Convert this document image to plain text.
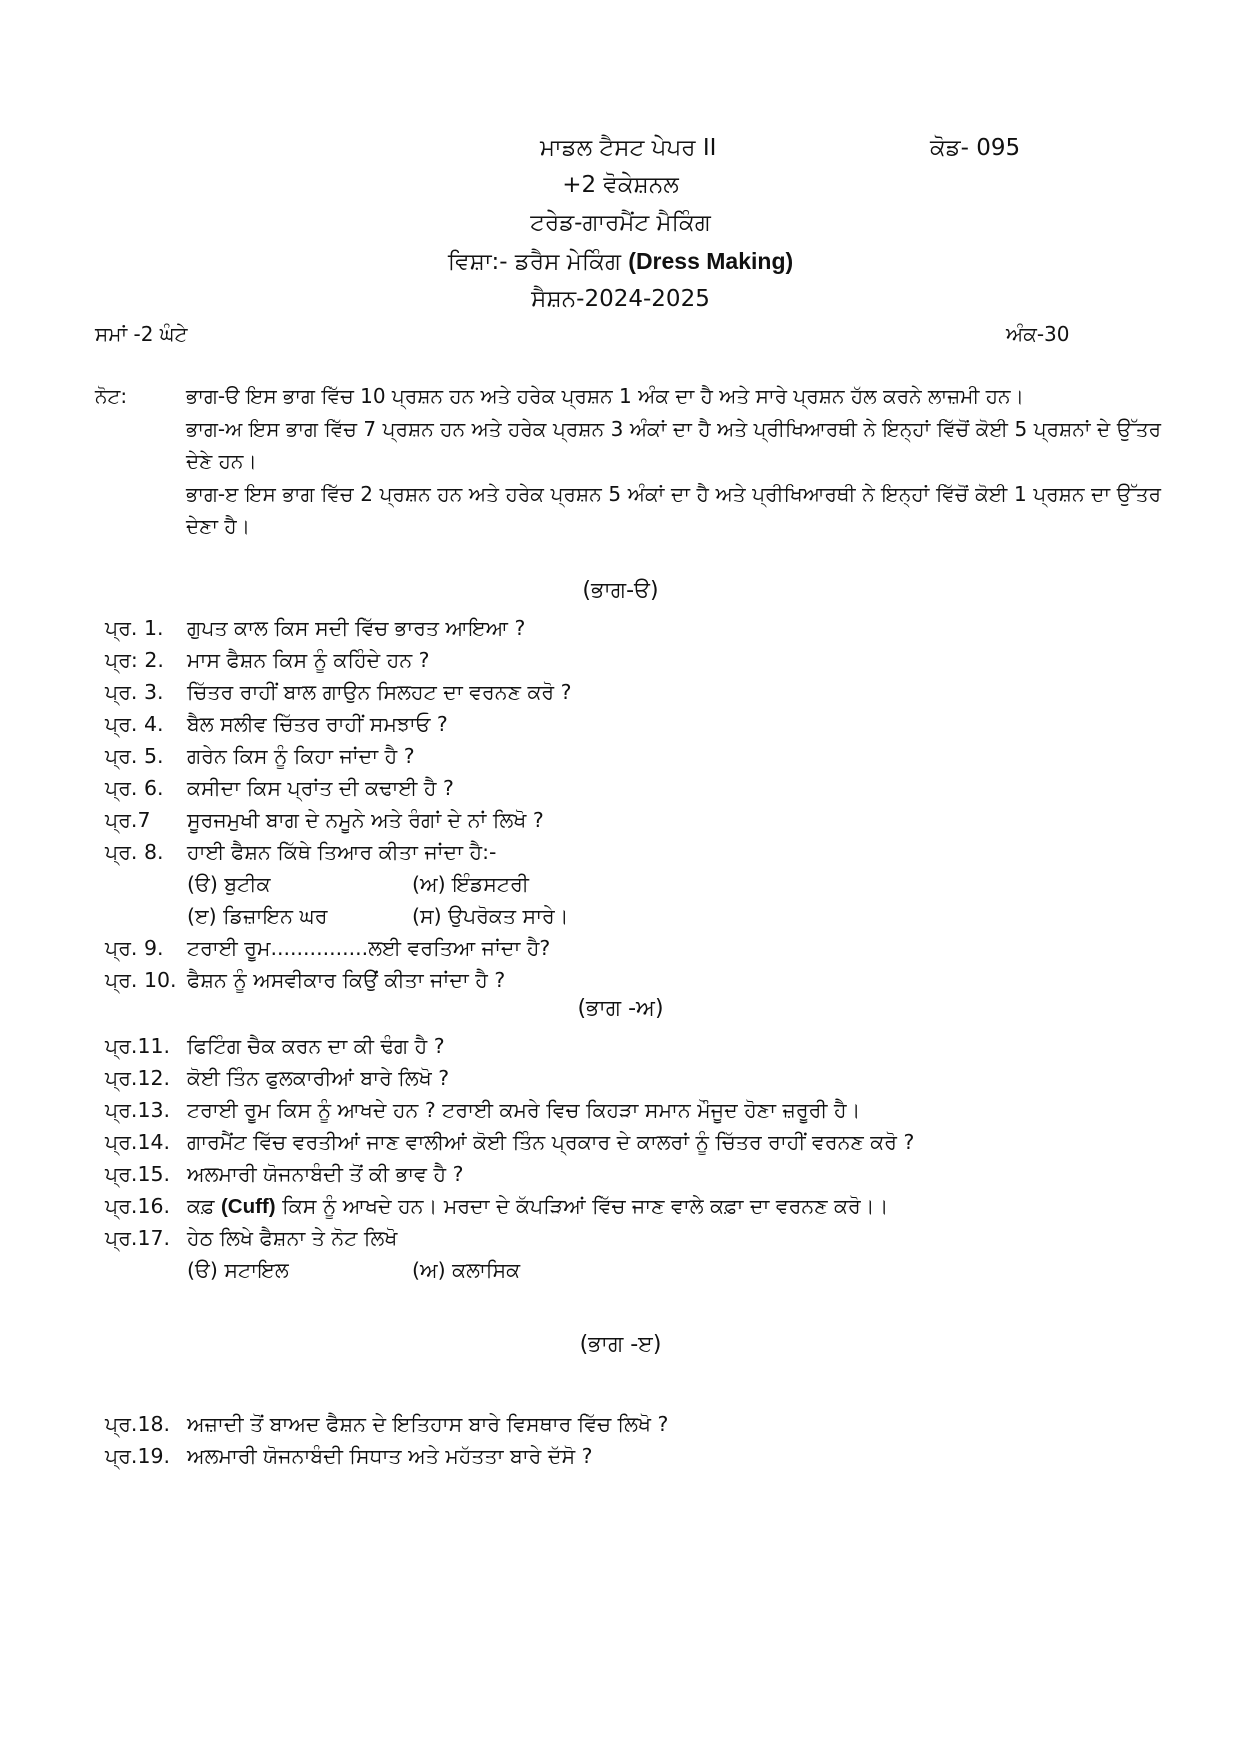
ਮਾਡਲ ਟੈਸਟ ਪੇਪਰ II	ਕੋਡ- 095
+2 ਵੋਕੇਸ਼ਨਲ
ਟਰੇਡ-ਗਾਰਮੈਂਟ ਮੈਕਿੰਗ
ਵਿਸ਼ਾ:- ਡਰੈਸ ਮੇਕਿੰਗ (Dress Making)
ਸੈਸ਼ਨ-2024-2025
ਸਮਾਂ -2 ਘੰਟੇ	ਅੰਕ-30
ਨੋਟ:	ਭਾਗ-ੳ ਇਸ ਭਾਗ ਵਿੱਚ 10 ਪ੍ਰਸ਼ਨ ਹਨ ਅਤੇ ਹਰੇਕ ਪ੍ਰਸ਼ਨ 1 ਅੰਕ ਦਾ ਹੈ ਅਤੇ ਸਾਰੇ ਪ੍ਰਸ਼ਨ ਹੱਲ ਕਰਨੇ ਲਾਜ਼ਮੀ ਹਨ।

ਭਾਗ-ਅ ਇਸ ਭਾਗ ਵਿੱਚ 7 ਪ੍ਰਸ਼ਨ ਹਨ ਅਤੇ ਹਰੇਕ ਪ੍ਰਸ਼ਨ 3 ਅੰਕਾਂ ਦਾ ਹੈ ਅਤੇ ਪ੍ਰੀਖਿਆਰਥੀ ਨੇ ਇਨ੍ਹਾਂ ਵਿੱਚੋਂ ਕੋਈ 5 ਪ੍ਰਸ਼ਨਾਂ ਦੇ ਉੱਤਰ ਦੇਣੇ ਹਨ।

ਭਾਗ-ੲ ਇਸ ਭਾਗ ਵਿੱਚ 2 ਪ੍ਰਸ਼ਨ ਹਨ ਅਤੇ ਹਰੇਕ ਪ੍ਰਸ਼ਨ 5 ਅੰਕਾਂ ਦਾ ਹੈ ਅਤੇ ਪ੍ਰੀਖਿਆਰਥੀ ਨੇ ਇਨ੍ਹਾਂ ਵਿੱਚੋਂ ਕੋਈ 1 ਪ੍ਰਸ਼ਨ ਦਾ ਉੱਤਰ ਦੇਣਾ ਹੈ।

(ਭਾਗ-ੳ)
ਪ੍ਰ. 1. ਗੁਪਤ ਕਾਲ ਕਿਸ ਸਦੀ ਵਿੱਚ ਭਾਰਤ ਆਇਆ ?
ਪ੍ਰ: 2. ਮਾਸ ਫੈਸ਼ਨ ਕਿਸ ਨੂੰ ਕਹਿੰਦੇ ਹਨ ?
ਪ੍ਰ. 3. ਚਿੱਤਰ ਰਾਹੀਂ ਬਾਲ ਗਾਉਨ ਸਿਲਹਟ ਦਾ ਵਰਨਣ ਕਰੋ ?
ਪ੍ਰ. 4. ਬੈਲ ਸਲੀਵ ਚਿੱਤਰ ਰਾਹੀਂ ਸਮਝਾਓ ?
ਪ੍ਰ. 5. ਗਰੇਨ ਕਿਸ ਨੂੰ ਕਿਹਾ ਜਾਂਦਾ ਹੈ ?
ਪ੍ਰ. 6. ਕਸੀਦਾ ਕਿਸ ਪ੍ਰਾਂਤ ਦੀ ਕਢਾਈ ਹੈ ?
ਪ੍ਰ.7 ਸੂਰਜਮੁਖੀ ਬਾਗ ਦੇ ਨਮੂਨੇ ਅਤੇ ਰੰਗਾਂ ਦੇ ਨਾਂ ਲਿਖੋ ?
ਪ੍ਰ. 8. ਹਾਈ ਫੈਸ਼ਨ ਕਿੱਥੇ ਤਿਆਰ ਕੀਤਾ ਜਾਂਦਾ ਹੈ:-
(ੳ) ਬੁਟੀਕ	(ਅ) ਇੰਡਸਟਰੀ
(ੲ) ਡਿਜ਼ਾਇਨ ਘਰ	(ਸ) ਉਪਰੋਕਤ ਸਾਰੇ।
ਪ੍ਰ. 9. ਟਰਾਈ ਰੂਮ...............ਲਈ ਵਰਤਿਆ ਜਾਂਦਾ ਹੈ?
ਪ੍ਰ. 10. ਫੈਸ਼ਨ ਨੂੰ ਅਸਵੀਕਾਰ ਕਿਉਂ ਕੀਤਾ ਜਾਂਦਾ ਹੈ ?
(ਭਾਗ -ਅ)
ਪ੍ਰ.11. ਫਿਟਿੰਗ ਚੈਕ ਕਰਨ ਦਾ ਕੀ ਢੰਗ ਹੈ ?
ਪ੍ਰ.12. ਕੋਈ ਤਿੰਨ ਫੁਲਕਾਰੀਆਂ ਬਾਰੇ ਲਿਖੋ ?
ਪ੍ਰ.13. ਟਰਾਈ ਰੂਮ ਕਿਸ ਨੂੰ ਆਖਦੇ ਹਨ ? ਟਰਾਈ ਕਮਰੇ ਵਿਚ ਕਿਹੜਾ ਸਮਾਨ ਮੌਜੂਦ ਹੋਣਾ ਜ਼ਰੂਰੀ ਹੈ।
ਪ੍ਰ.14. ਗਾਰਮੈਂਟ ਵਿੱਚ ਵਰਤੀਆਂ ਜਾਣ ਵਾਲੀਆਂ ਕੋਈ ਤਿੰਨ ਪ੍ਰਕਾਰ ਦੇ ਕਾਲਰਾਂ ਨੂੰ ਚਿੱਤਰ ਰਾਹੀਂ ਵਰਨਣ ਕਰੋ ?
ਪ੍ਰ.15. ਅਲਮਾਰੀ ਯੋਜਨਾਬੰਦੀ ਤੋਂ ਕੀ ਭਾਵ ਹੈ ?
ਪ੍ਰ.16. ਕਫ਼ (Cuff) ਕਿਸ ਨੂੰ ਆਖਦੇ ਹਨ। ਮਰਦਾ ਦੇ ਕੱਪੜਿਆਂ ਵਿੱਚ ਜਾਣ ਵਾਲੇ ਕਫ਼ਾ ਦਾ ਵਰਨਣ ਕਰੋ।।
ਪ੍ਰ.17. ਹੇਠ ਲਿਖੇ ਫੈਸ਼ਨਾ ਤੇ ਨੋਟ ਲਿਖੋ
(ੳ) ਸਟਾਇਲ	(ਅ) ਕਲਾਸਿਕ
(ਭਾਗ -ੲ)
ਪ੍ਰ.18. ਅਜ਼ਾਦੀ ਤੋਂ ਬਾਅਦ ਫੈਸ਼ਨ ਦੇ ਇਤਿਹਾਸ ਬਾਰੇ ਵਿਸਥਾਰ ਵਿੱਚ ਲਿਖੋ ?
ਪ੍ਰ.19. ਅਲਮਾਰੀ ਯੋਜਨਾਬੰਦੀ ਸਿਧਾਤ ਅਤੇ ਮਹੱਤਤਾ ਬਾਰੇ ਦੱਸੋ ?
